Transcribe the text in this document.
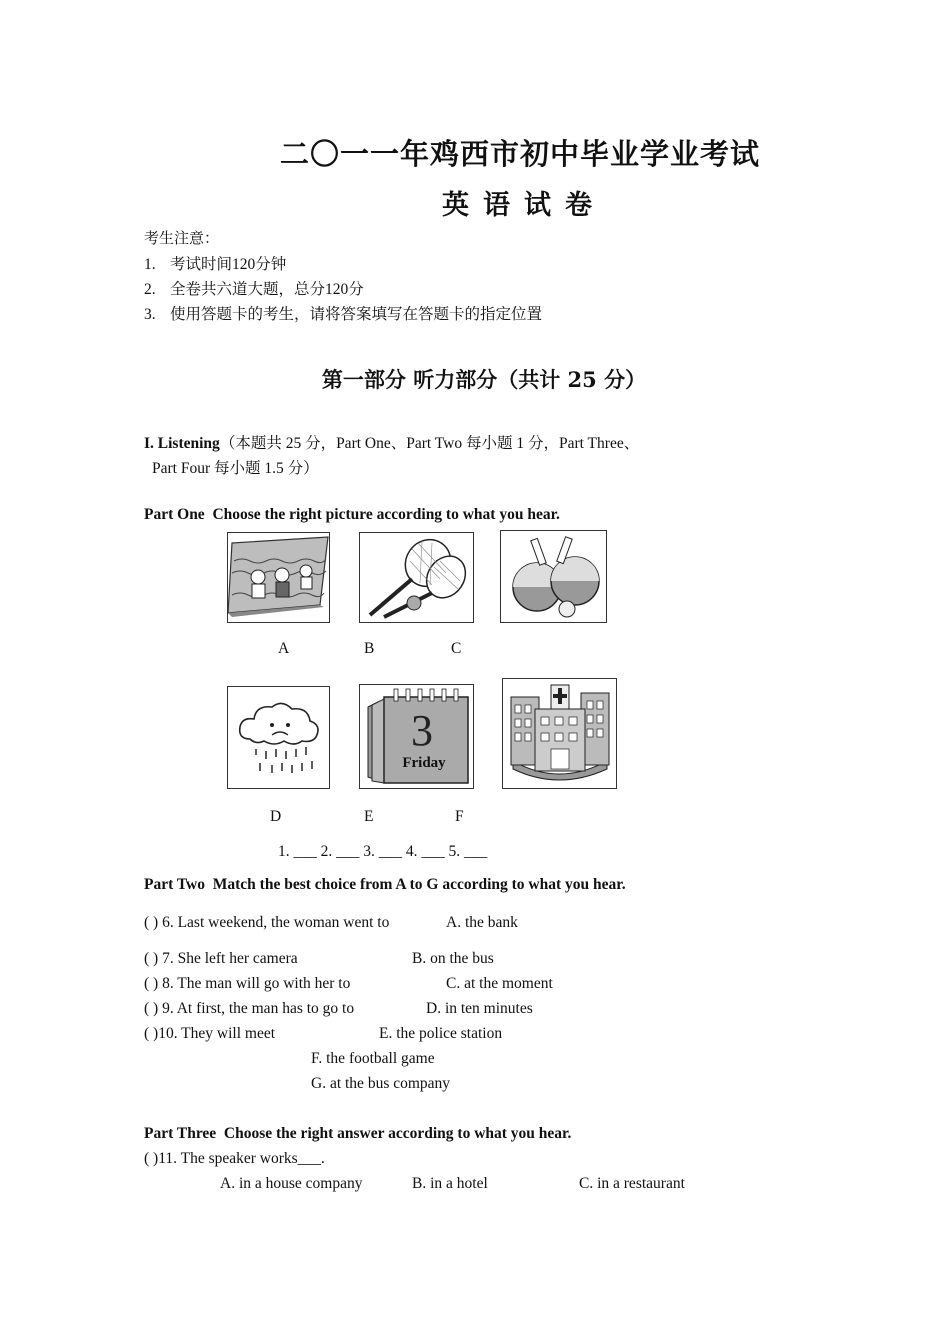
二〇一一年鸡西市初中毕业学业考试
英语试卷
考生注意：
1. 考试时间120分钟
2. 全卷共六道大题，总分120分
3. 使用答题卡的考生，请将答案填写在答题卡的指定位置
第一部分 听力部分（共计 25 分）
I. Listening（本题共 25 分，Part One、Part Two 每小题 1 分，Part Three、
Part Four 每小题 1.5 分）
Part One Choose the right picture according to what you hear.
A	B	C
D
3
Friday
E	F
1. ___ 2. ___ 3. ___ 4. ___ 5. ___
Part Two Match the best choice from A to G according to what you hear.
( ) 6. Last weekend, the woman went to	A. the bank
( ) 7. She left her camera	B. on the bus
( ) 8. The man will go with her to	C. at the moment
( ) 9. At first, the man has to go to	D. in ten minutes
( )10. They will meet	E. the police station
F. the football game
G. at the bus company
Part Three Choose the right answer according to what you hear.
( )11. The speaker works___.
A. in a house company	B. in a hotel	C. in a restaurant
